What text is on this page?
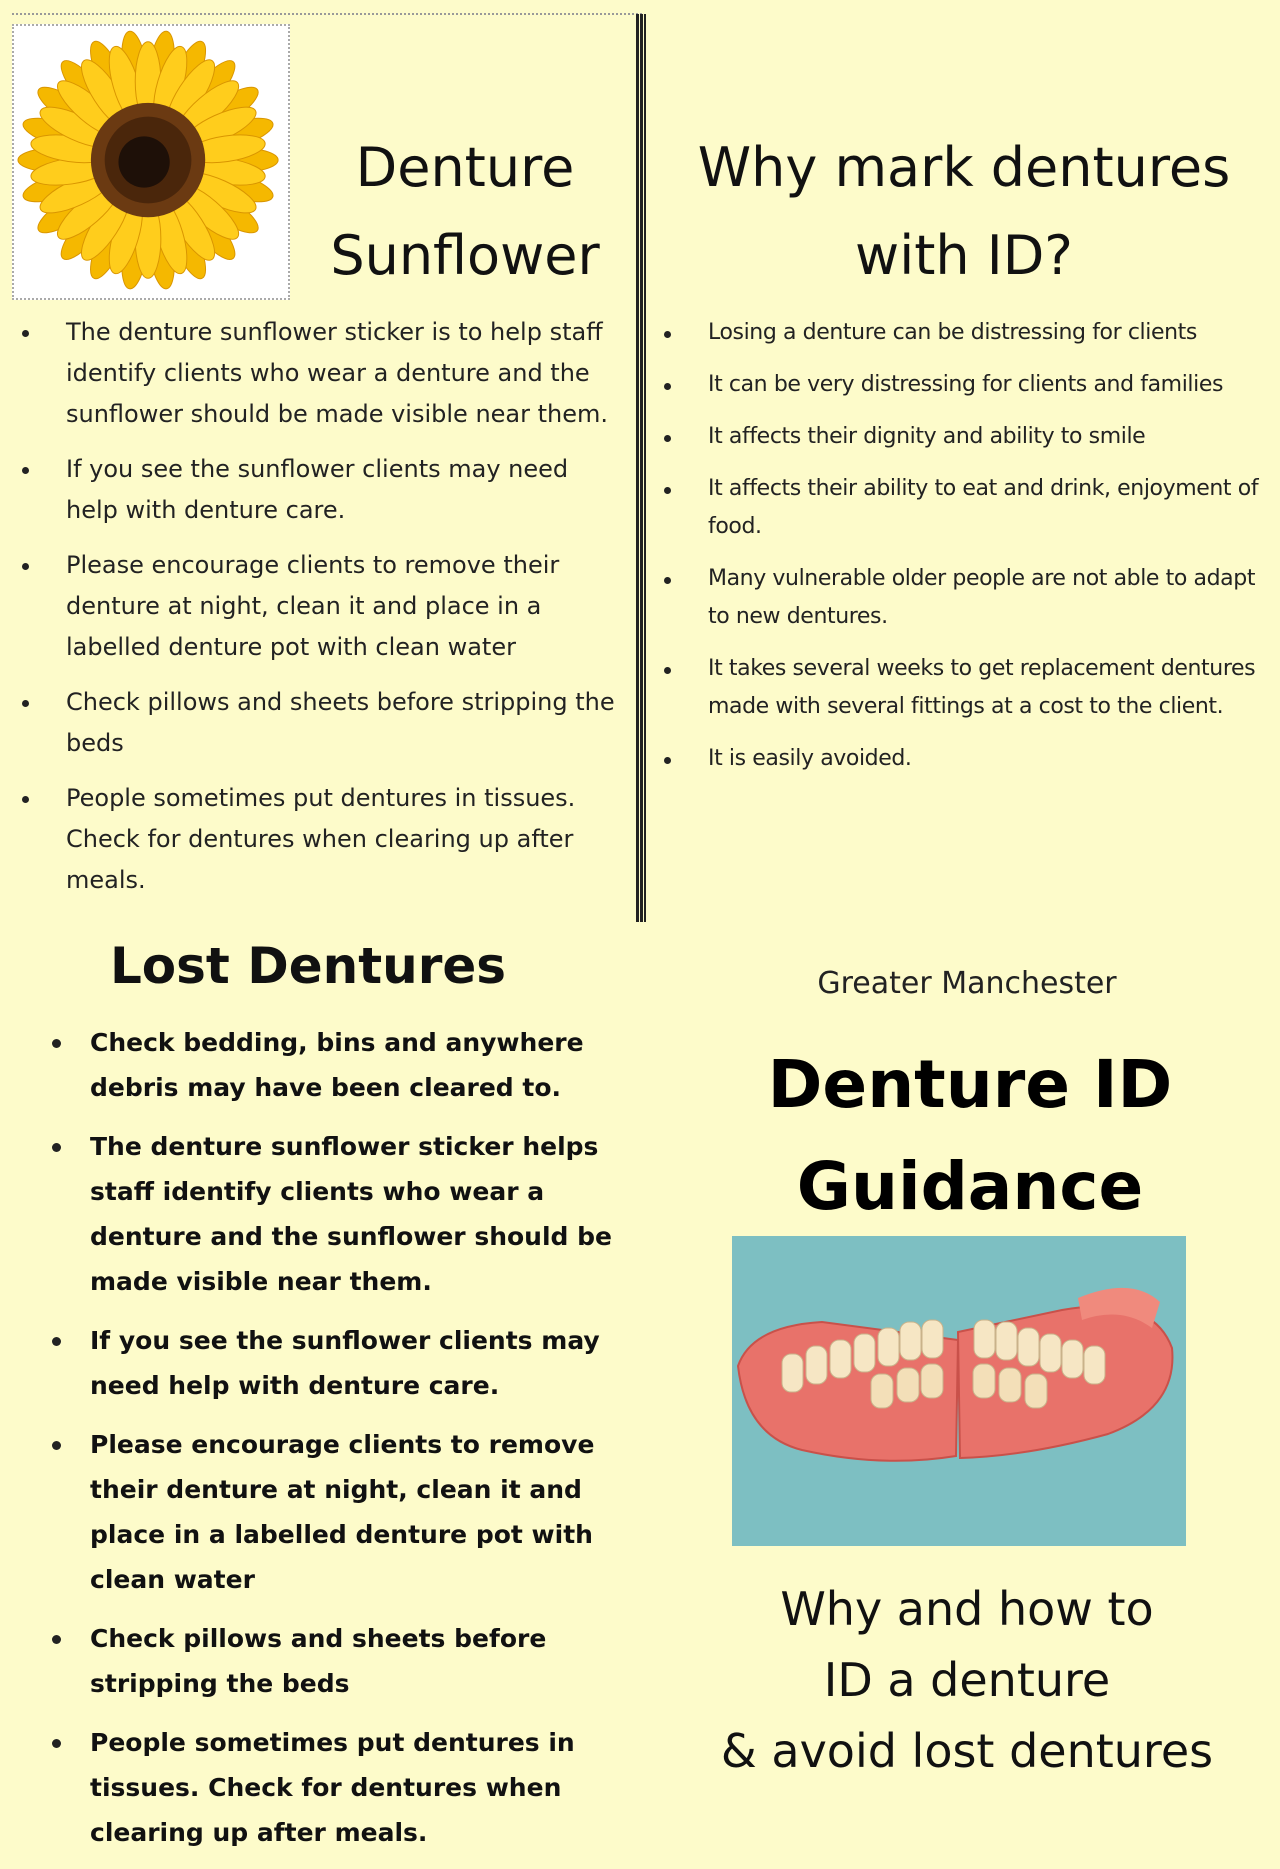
Denture
Sunflower
The denture sunflower sticker is to help staff identify clients who wear a denture and the sunflower should be made visible near them.
If you see the sunflower clients may need help with denture care.
Please encourage clients to remove their denture at night, clean it and place in a labelled denture pot with clean water
Check pillows and sheets before stripping the beds
People sometimes put dentures in tissues. Check for dentures when clearing up after meals.
Why mark dentures
with ID?
Losing a denture can be distressing for clients
It can be very distressing for clients and families
It affects their dignity and ability to smile
It affects their ability to eat and drink, enjoyment of food.
Many vulnerable older people are not able to adapt to new dentures.
It takes several weeks to get replacement dentures made with several fittings at a cost to the client.
It is easily avoided.
Lost Dentures
Check bedding, bins and anywhere debris may have been cleared to.
The denture sunflower sticker helps staff identify clients who wear a denture and the sunflower should be made visible near them.
If you see the sunflower clients may need help with denture care.
Please encourage clients to remove their denture at night, clean it and place in a labelled denture pot with clean water
Check pillows and sheets before stripping the beds
People sometimes put dentures in tissues. Check for dentures when clearing up after meals.
Greater Manchester
Denture ID
Guidance
Why and how to
ID a denture
& avoid lost dentures
